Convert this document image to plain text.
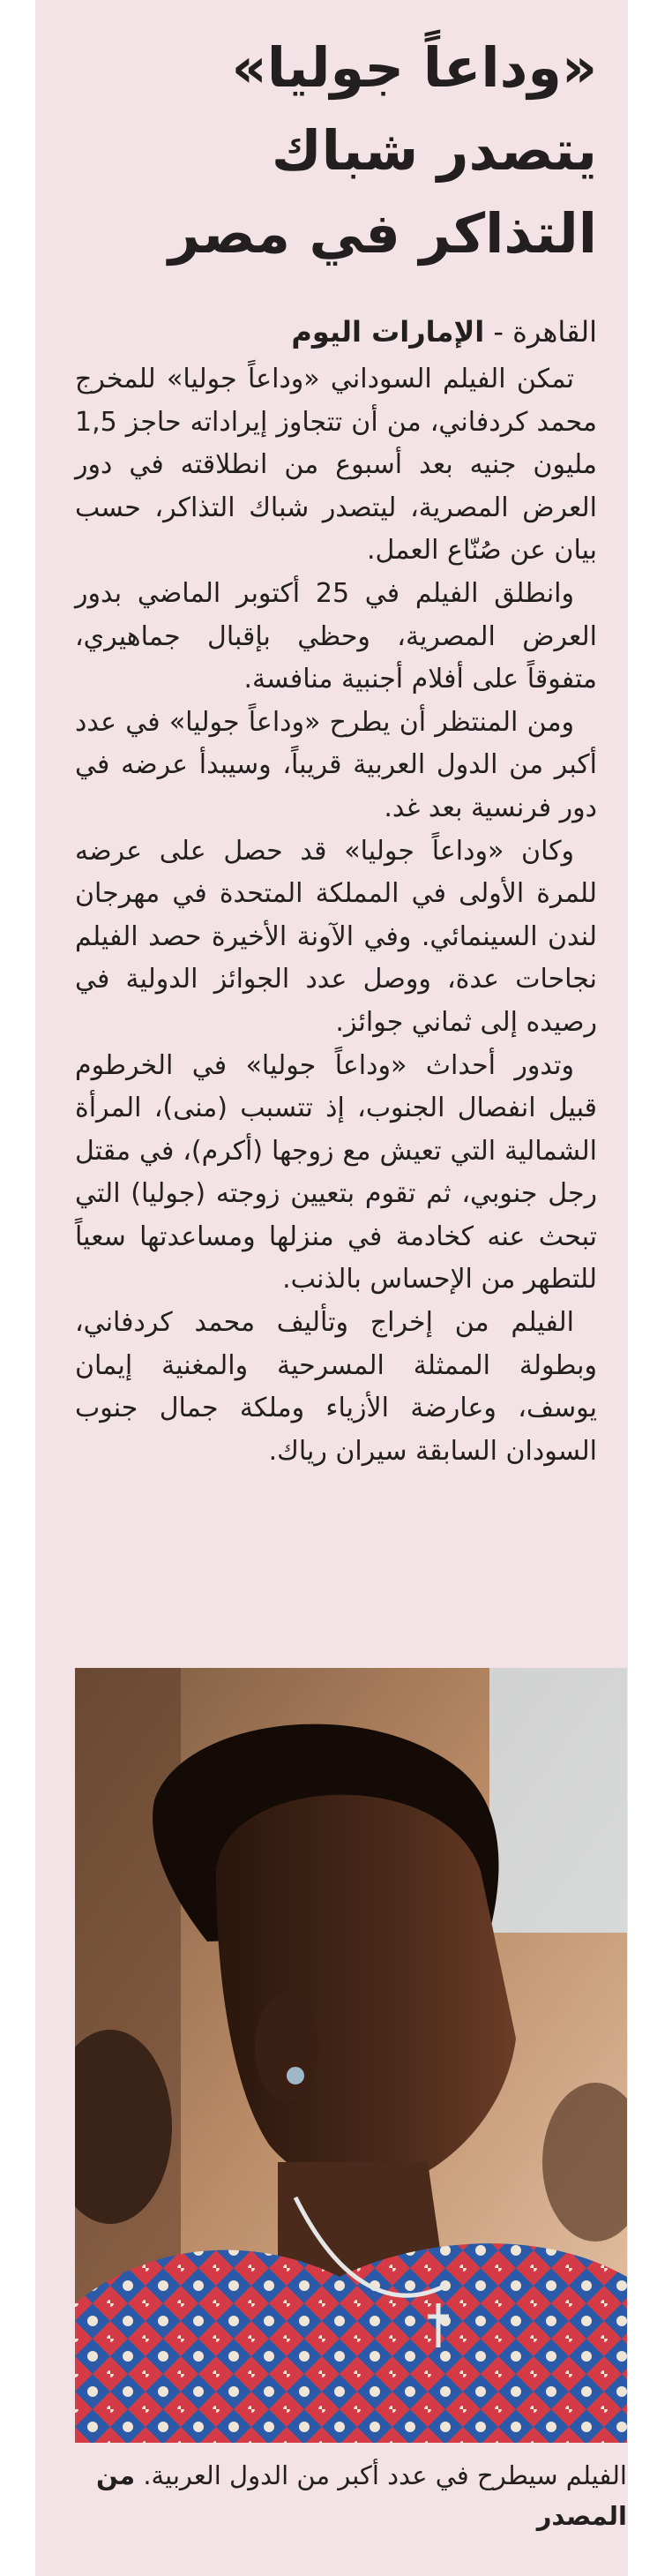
«وداعاً جوليا» يتصدر شباك التذاكر في مصر
القاهرة - الإمارات اليوم

تمكن الفيلم السوداني «وداعاً جوليا» للمخرج محمد كردفاني، من أن تتجاوز إيراداته حاجز 1,5 مليون جنيه بعد أسبوع من انطلاقته في دور العرض المصرية، ليتصدر شباك التذاكر، حسب بيان عن صُنّاع العمل.

وانطلق الفيلم في 25 أكتوبر الماضي بدور العرض المصرية، وحظي بإقبال جماهيري، متفوقاً على أفلام أجنبية منافسة.

ومن المنتظر أن يطرح «وداعاً جوليا» في عدد أكبر من الدول العربية قريباً، وسيبدأ عرضه في دور فرنسية بعد غد.

وكان «وداعاً جوليا» قد حصل على عرضه للمرة الأولى في المملكة المتحدة في مهرجان لندن السينمائي. وفي الآونة الأخيرة حصد الفيلم نجاحات عدة، ووصل عدد الجوائز الدولية في رصيده إلى ثماني جوائز.

وتدور أحداث «وداعاً جوليا» في الخرطوم قبيل انفصال الجنوب، إذ تتسبب (منى)، المرأة الشمالية التي تعيش مع زوجها (أكرم)، في مقتل رجل جنوبي، ثم تقوم بتعيين زوجته (جوليا) التي تبحث عنه كخادمة في منزلها ومساعدتها سعياً للتطهر من الإحساس بالذنب.

الفيلم من إخراج وتأليف محمد كردفاني، وبطولة الممثلة المسرحية والمغنية إيمان يوسف، وعارضة الأزياء وملكة جمال جنوب السودان السابقة سيران رياك.

الفيلم سيطرح في عدد أكبر من الدول العربية. من المصدر
